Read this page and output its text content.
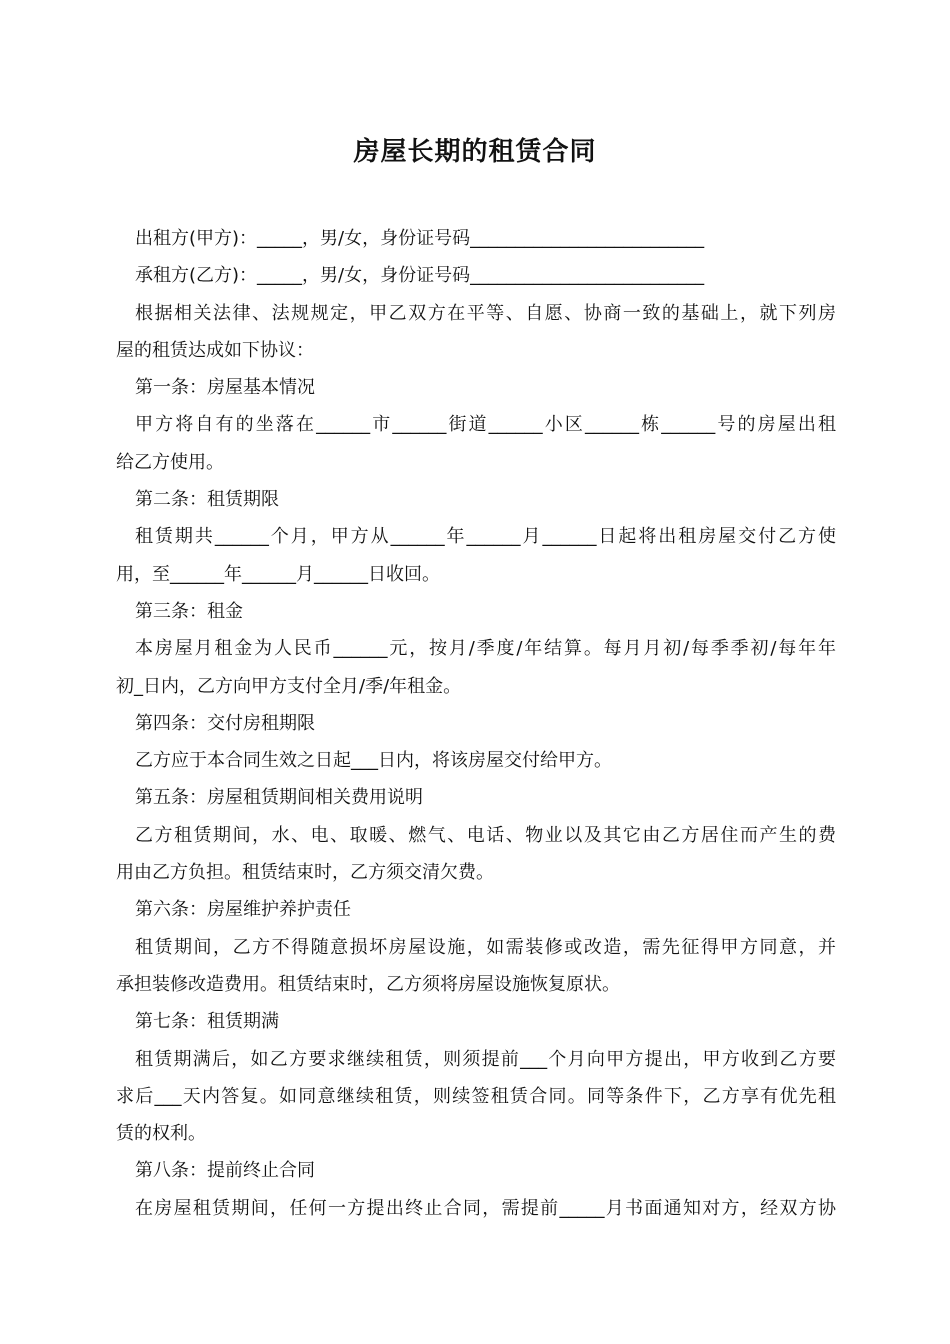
房屋长期的租赁合同
出租方(甲方)：_____，男/女，身份证号码__________________________
承租方(乙方)：_____，男/女，身份证号码__________________________
根据相关法律、法规规定，甲乙双方在平等、自愿、协商一致的基础上，就下列房
屋的租赁达成如下协议：
第一条：房屋基本情况
甲方将自有的坐落在______市______街道______小区______栋______号的房屋出租
给乙方使用。
第二条：租赁期限
租赁期共______个月，甲方从______年______月______日起将出租房屋交付乙方使
用，至______年______月______日收回。
第三条：租金
本房屋月租金为人民币______元，按月/季度/年结算。每月月初/每季季初/每年年
初_日内，乙方向甲方支付全月/季/年租金。
第四条：交付房租期限
乙方应于本合同生效之日起___日内，将该房屋交付给甲方。
第五条：房屋租赁期间相关费用说明
乙方租赁期间，水、电、取暖、燃气、电话、物业以及其它由乙方居住而产生的费
用由乙方负担。租赁结束时，乙方须交清欠费。
第六条：房屋维护养护责任
租赁期间，乙方不得随意损坏房屋设施，如需装修或改造，需先征得甲方同意，并
承担装修改造费用。租赁结束时，乙方须将房屋设施恢复原状。
第七条：租赁期满
租赁期满后，如乙方要求继续租赁，则须提前___个月向甲方提出，甲方收到乙方要
求后___天内答复。如同意继续租赁，则续签租赁合同。同等条件下，乙方享有优先租
赁的权利。
第八条：提前终止合同
在房屋租赁期间，任何一方提出终止合同，需提前_____月书面通知对方，经双方协
